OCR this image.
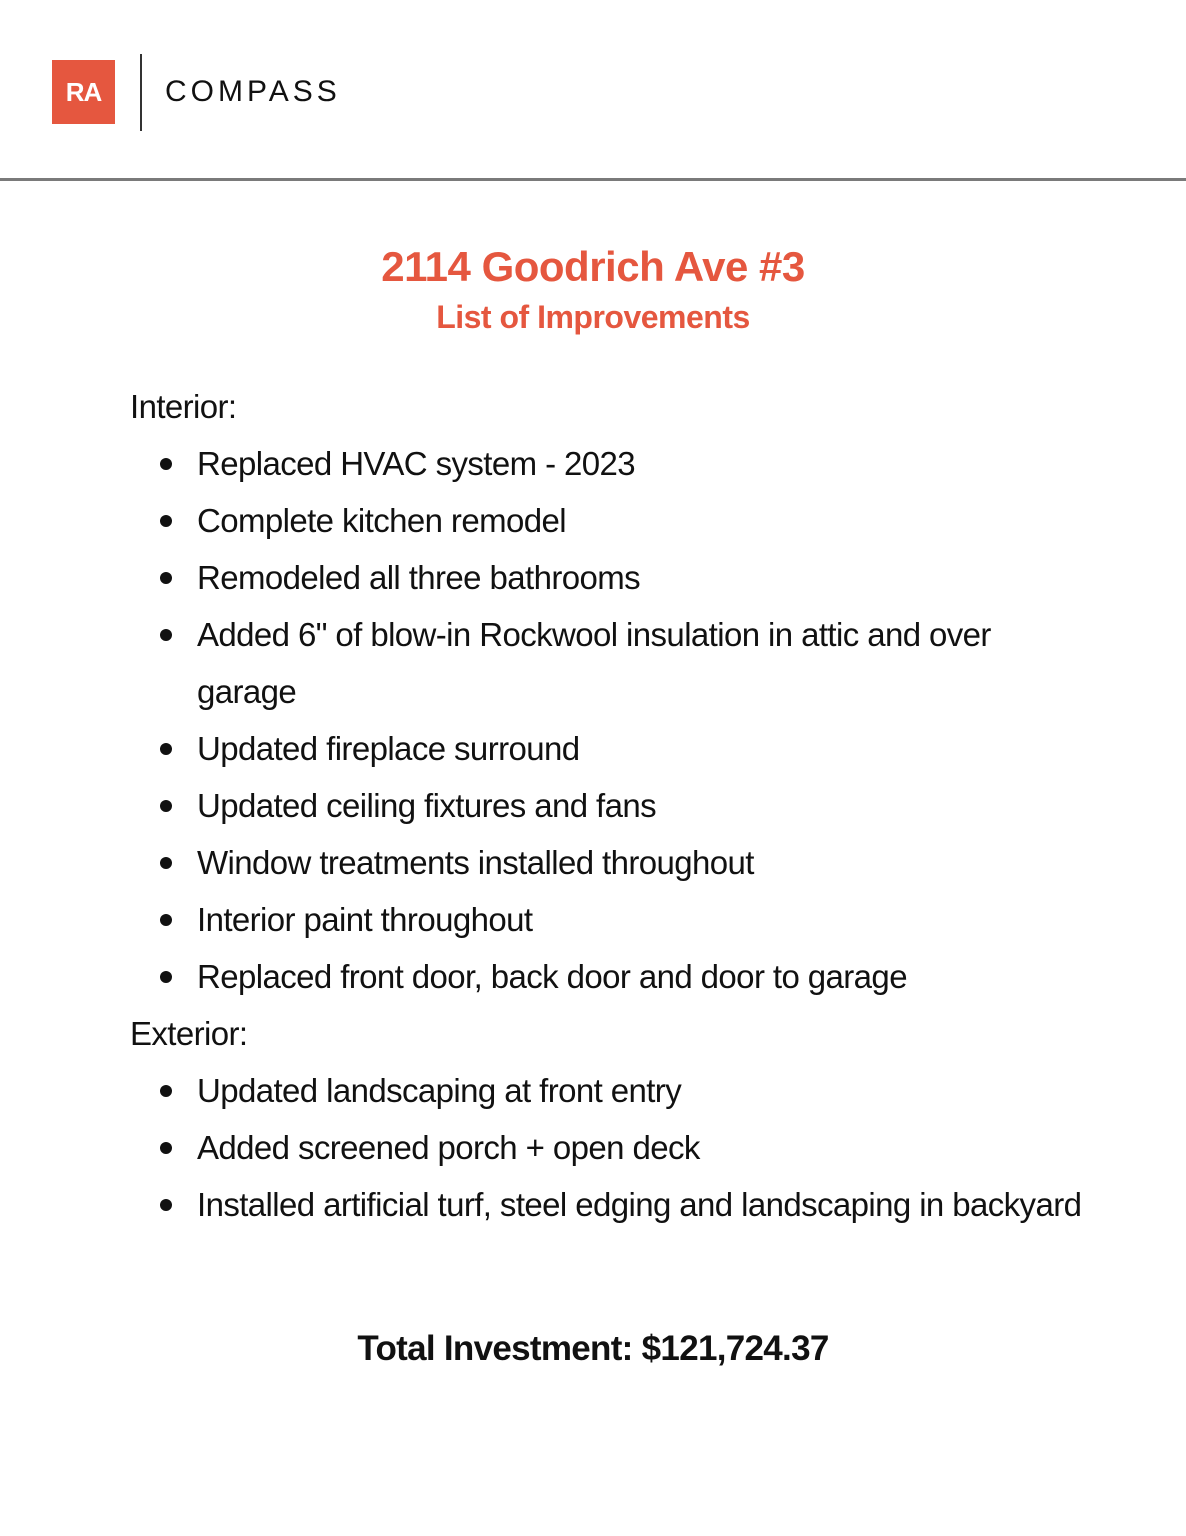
RA COMPASS
2114 Goodrich Ave #3
List of Improvements

Interior:

Replaced HVAC system - 2023
Complete kitchen remodel
Remodeled all three bathrooms
Added 6" of blow-in Rockwool insulation in attic and over garage
Updated fireplace surround
Updated ceiling fixtures and fans
Window treatments installed throughout
Interior paint throughout
Replaced front door, back door and door to garage

Exterior:

Updated landscaping at front entry
Added screened porch + open deck
Installed artificial turf, steel edging and landscaping in backyard
Total Investment: $121,724.37
